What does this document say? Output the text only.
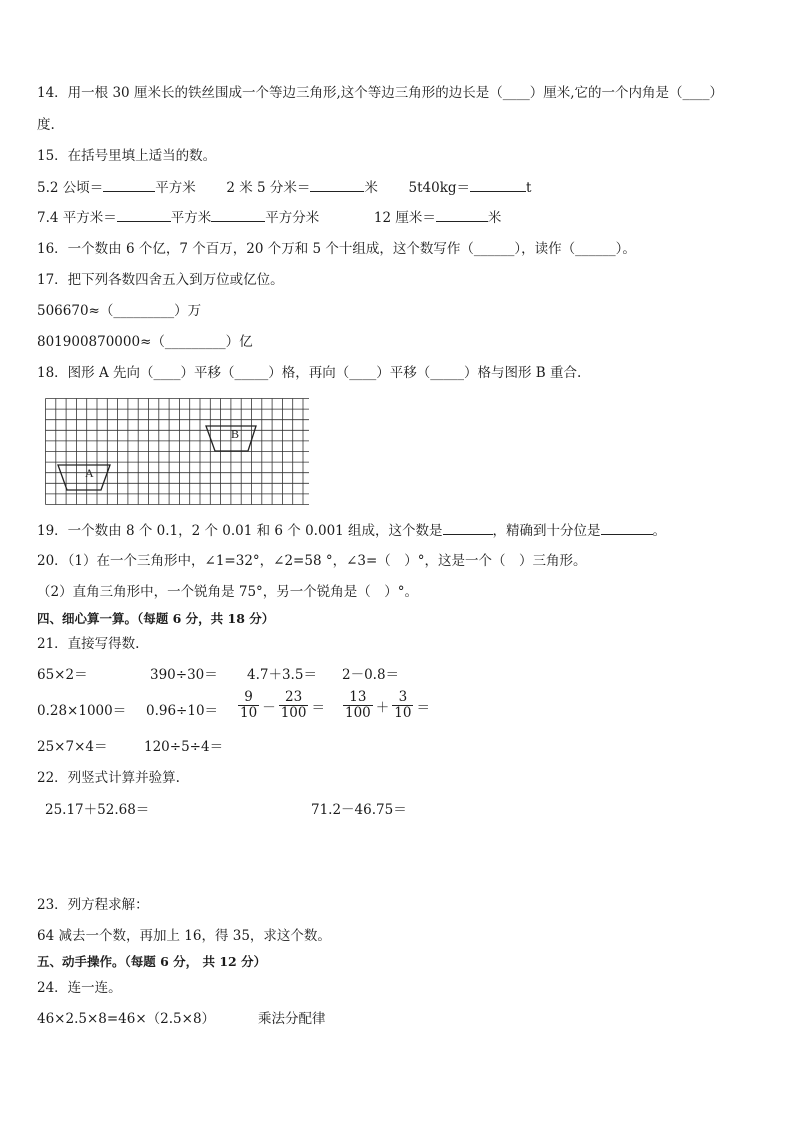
14．用一根 30 厘米长的铁丝围成一个等边三角形,这个等边三角形的边长是（____）厘米,它的一个内角是（____）
度.
15．在括号里填上适当的数。
5.2 公顷＝	平方米 2 米 5 分米＝	米 5t40kg＝	t
7.4 平方米＝	平方米	平方分米	12 厘米＝	米
16．一个数由 6 个亿，7 个百万，20 个万和 5 个十组成，这个数写作（______），读作（______）。
17．把下列各数四舍五入到万位或亿位。
506670≈（_________）万
801900870000≈（_________）亿
18．图形 A 先向（____）平移（_____）格，再向（____）平移（_____）格与图形 B 重合.
B
A
19．一个数由 8 个 0.1，2 个 0.01 和 6 个 0.001 组成，这个数是	，精确到十分位是	。
20．（1）在一个三角形中，∠1=32°，∠2=58 °，∠3=（　）°，这是一个（　）三角形。
（2）直角三角形中，一个锐角是 75°，另一个锐角是（　）°。
四、细心算一算。（每题 6 分，共 18 分）
21．直接写得数.
65×2＝	390÷30＝ 4.7＋3.5＝ 2－0.8＝
$0.28\times 1000= 0.96\div 10= \frac{9}{10} - \frac{23}{100} = \frac{13}{100} + \frac{3}{10}$ ＝
25×7×4＝	120÷5÷4＝
22．列竖式计算并验算.
25.17＋52.68＝	71.2－46.75＝
23．列方程求解：
64 减去一个数，再加上 16，得 35，求这个数。
五、动手操作。（每题 6 分， 共 12 分）
24．连一连。
46×2.5×8=46×（2.5×8）	乘法分配律
